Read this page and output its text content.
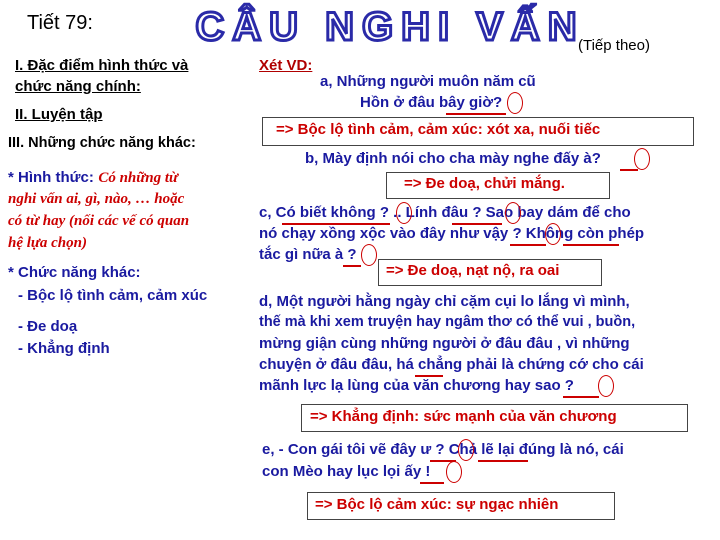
Tiết 79:	CÂU NGHI VẤN
(Tiếp theo)
I. Đặc điểm hình thức và
chức năng chính:
II. Luyện tập
III. Những chức năng khác:
* Hình thức: Có những từ
nghi vấn ai, gì, nào, … hoặc
có từ hay (nối các vế có quan
hệ lựa chọn)
* Chức năng khác:
- Bộc lộ tình cảm, cảm xúc
- Đe doạ
- Khẳng định
Xét VD:
a, Những người muôn năm cũ
Hồn ở đâu bây giờ?
=> Bộc lộ tình cảm, cảm xúc: xót xa, nuối tiếc
b, Mày định nói cho cha mày nghe đấy à?
=> Đe doạ, chửi mắng.
c, Có biết không ? .. Lính đâu ? Sao bay dám để cho
nó chạy xồng xộc vào đây như vậy ? Không còn phép
tắc gì nữa à ?
=> Đe doạ, nạt nộ, ra oai
d, Một người hằng ngày chỉ cặm cụi lo lắng vì mình,
thế mà khi xem truyện hay ngâm thơ có thể vui , buồn,
mừng giận cùng những người ở đâu đâu , vì những
chuyện ở đâu đâu, há chẳng phải là chứng cớ cho cái
mãnh lực lạ lùng của văn chương hay sao ?
=> Khẳng định: sức mạnh của văn chương
e, - Con gái tôi vẽ đây ư ? Chả lẽ lại đúng là nó, cái
con Mèo hay lục lọi ấy !
=> Bộc lộ cảm xúc: sự ngạc nhiên
